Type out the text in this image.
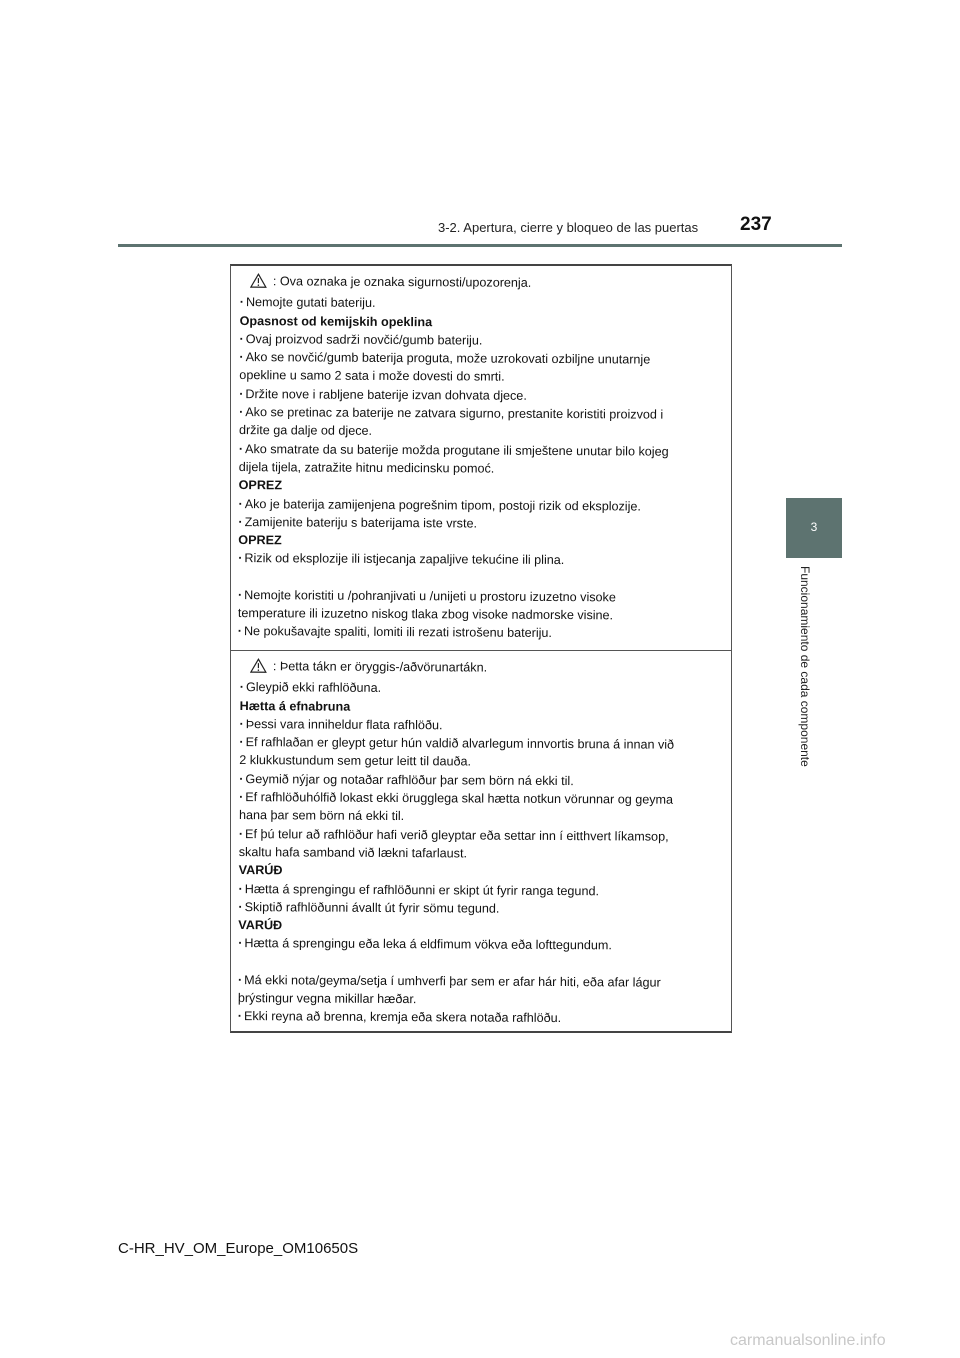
3-2. Apertura, cierre y bloqueo de las puertas 237
3
Funcionamiento de cada componente
: Ova oznaka je oznaka sigurnosti/upozorenja.
· Nemojte gutati bateriju.
Opasnost od kemijskih opeklina
· Ovaj proizvod sadrži novčić/gumb bateriju.
· Ako se novčić/gumb baterija proguta, može uzrokovati ozbiljne unutarnje
opekline u samo 2 sata i može dovesti do smrti.
· Držite nove i rabljene baterije izvan dohvata djece.
· Ako se pretinac za baterije ne zatvara sigurno, prestanite koristiti proizvod i
držite ga dalje od djece.
· Ako smatrate da su baterije možda progutane ili smještene unutar bilo kojeg
dijela tijela, zatražite hitnu medicinsku pomoć.
OPREZ
· Ako je baterija zamijenjena pogrešnim tipom, postoji rizik od eksplozije.
· Zamijenite bateriju s baterijama iste vrste.
OPREZ
· Rizik od eksplozije ili istjecanja zapaljive tekućine ili plina.
· Nemojte koristiti u /pohranjivati u /unijeti u prostoru izuzetno visoke
temperature ili izuzetno niskog tlaka zbog visoke nadmorske visine.
· Ne pokušavajte spaliti, lomiti ili rezati istrošenu bateriju.
: Þetta tákn er öryggis-/aðvörunartákn.
· Gleypið ekki rafhlöðuna.
Hætta á efnabruna
· Þessi vara inniheldur flata rafhlöðu.
· Ef rafhlaðan er gleypt getur hún valdið alvarlegum innvortis bruna á innan við
2 klukkustundum sem getur leitt til dauða.
· Geymið nýjar og notaðar rafhlöður þar sem börn ná ekki til.
· Ef rafhlöðuhólfið lokast ekki örugglega skal hætta notkun vörunnar og geyma
hana þar sem börn ná ekki til.
· Ef þú telur að rafhlöður hafi verið gleyptar eða settar inn í eitthvert líkamsop,
skaltu hafa samband við lækni tafarlaust.
VARÚÐ
· Hætta á sprengingu ef rafhlöðunni er skipt út fyrir ranga tegund.
· Skiptið rafhlöðunni ávallt út fyrir sömu tegund.
VARÚÐ
· Hætta á sprengingu eða leka á eldfimum vökva eða lofttegundum.
· Má ekki nota/geyma/setja í umhverfi þar sem er afar hár hiti, eða afar lágur
þrýstingur vegna mikillar hæðar.
· Ekki reyna að brenna, kremja eða skera notaða rafhlöðu.
C-HR_HV_OM_Europe_OM10650S
carmanualsonline.info
